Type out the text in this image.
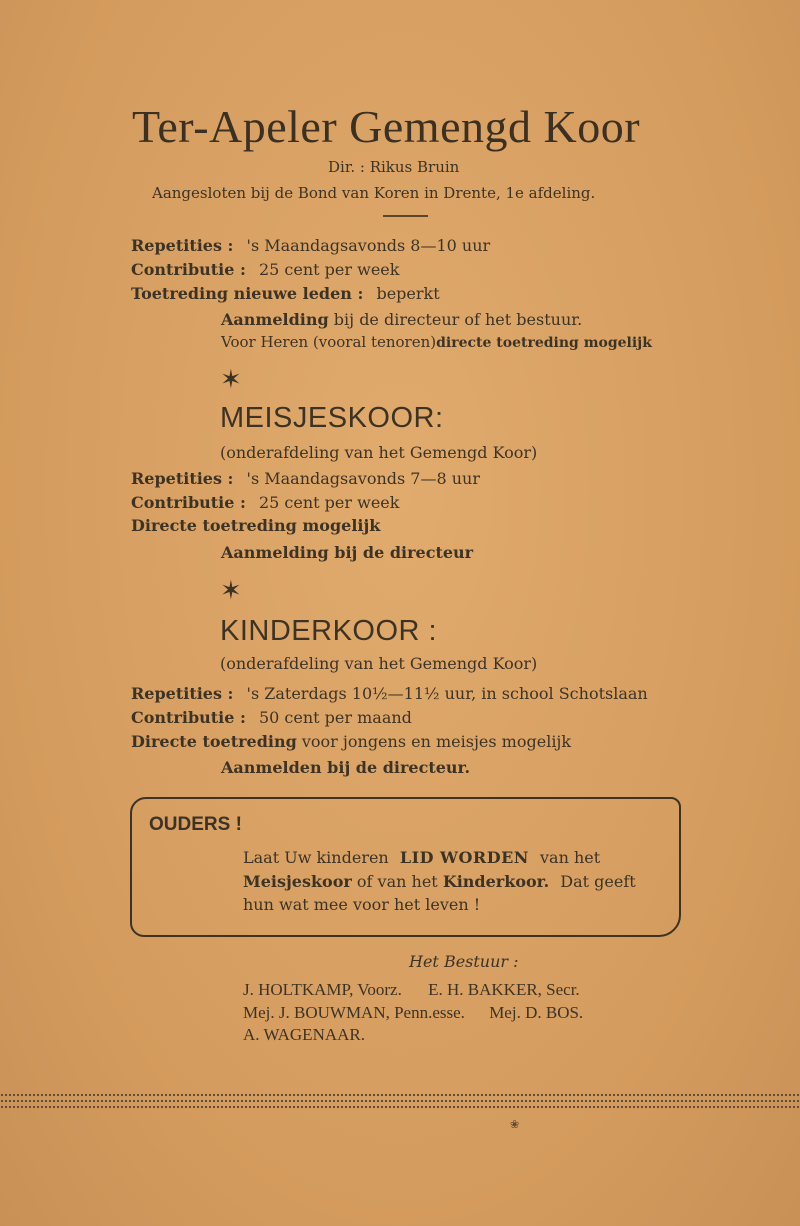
Ter-Apeler Gemengd Koor
Dir. : Rikus Bruin
Aangesloten bij de Bond van Koren in Drente, 1e afdeling.
Repetities : 's Maandagsavonds 8—10 uur
Contributie : 25 cent per week
Toetreding nieuwe leden : beperkt
Aanmelding bij de directeur of het bestuur.
Voor Heren (vooral tenoren)directe toetreding mogelijk
✶
MEISJESKOOR:
(onderafdeling van het Gemengd Koor)
Repetities : 's Maandagsavonds 7—8 uur
Contributie : 25 cent per week
Directe toetreding mogelijk
Aanmelding bij de directeur
✶
KINDERKOOR :
(onderafdeling van het Gemengd Koor)
Repetities : 's Zaterdags 10½—11½ uur, in school Schotslaan
Contributie : 50 cent per maand
Directe toetreding voor jongens en meisjes mogelijk
Aanmelden bij de directeur.
OUDERS !
Laat Uw kinderen LID WORDEN van het
Meisjeskoor of van het Kinderkoor. Dat geeft
hun wat mee voor het leven !
Het Bestuur :
J. HOLTKAMP, Voorz. E. H. BAKKER, Secr.
Mej. J. BOUWMAN, Penn.esse. Mej. D. BOS.
A. WAGENAAR.
❀
